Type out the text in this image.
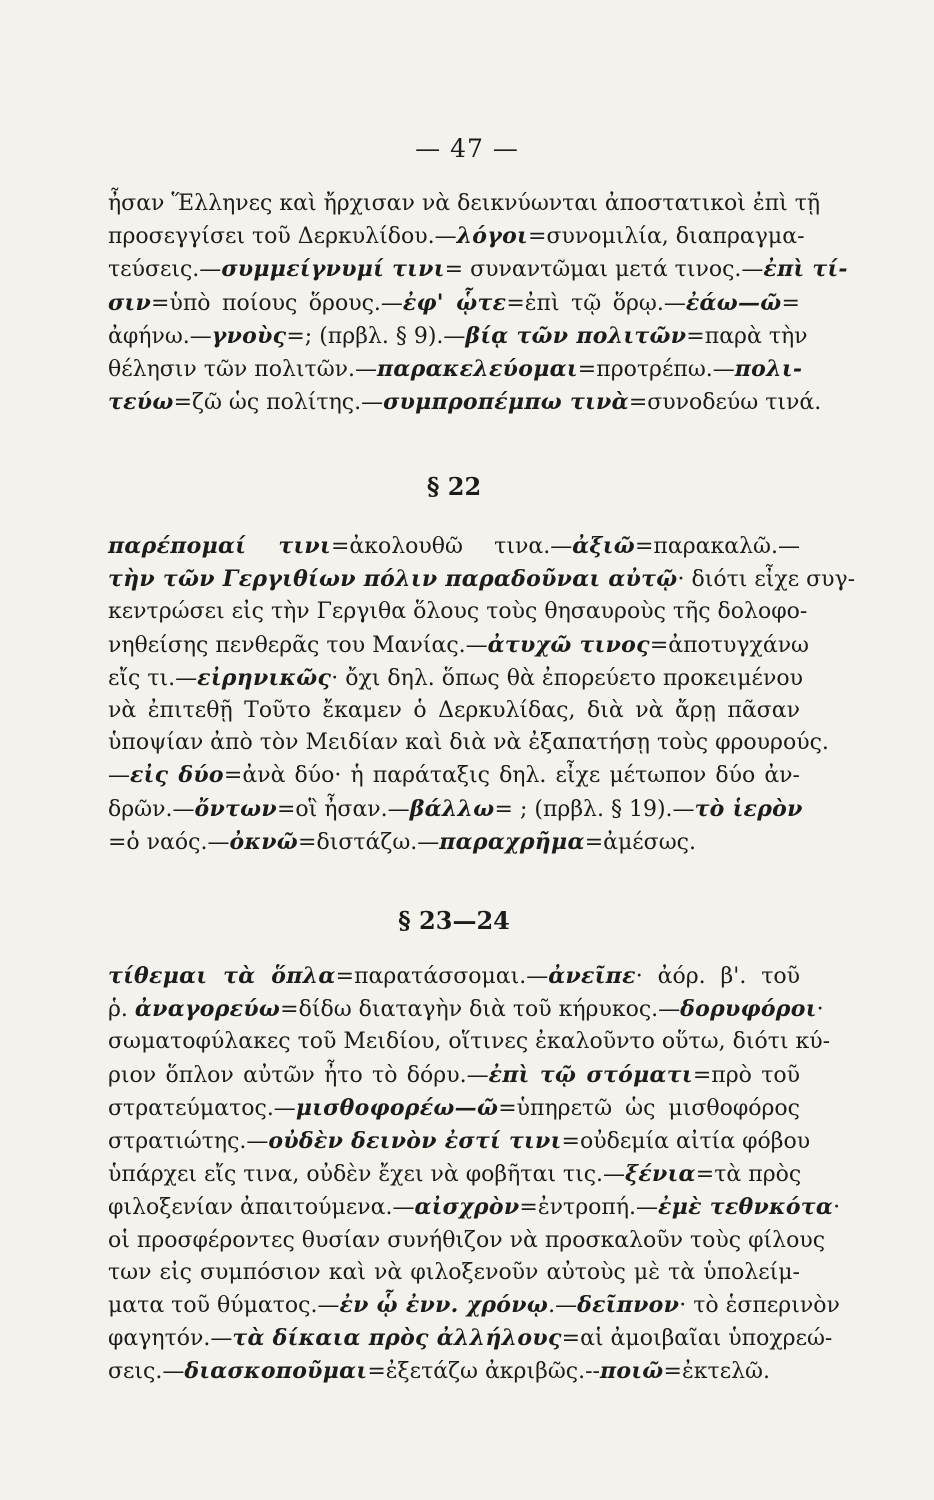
— 47 —
ἦσαν Ἕλληνες καὶ ἤρχισαν νὰ δεικνύωνται ἀποστατικοὶ ἐπὶ τῇ
προσεγγίσει τοῦ Δερκυλίδου.—λόγοι=συνομιλία, διαπραγμα-
τεύσεις.—συμμείγνυμί τινι= συναντῶμαι μετά τινος.—ἐπὶ τί-
σιν=ὑπὸ ποίους ὅρους.—ἐφ' ᾧτε=ἐπὶ τῷ ὅρῳ.—ἐάω—ῶ=
ἀφήνω.—γνοὺς=; (πρβλ. § 9).—βίᾳ τῶν πολιτῶν=παρὰ τὴν
θέλησιν τῶν πολιτῶν.—παρακελεύομαι=προτρέπω.—πολι-
τεύω=ζῶ ὡς πολίτης.—συμπροπέμπω τινὰ=συνοδεύω τινά.
§ 22
παρέπομαί τινι=ἀκολουθῶ τινα.—ἀξιῶ=παρακαλῶ.—
τὴν τῶν Γεργιθίων πόλιν παραδοῦναι αὐτῷ· διότι εἶχε συγ-
κεντρώσει εἰς τὴν Γεργιθα ὅλους τοὺς θησαυροὺς τῆς δολοφο-
νηθείσης πενθερᾶς του Μανίας.—ἀτυχῶ τινος=ἀποτυγχάνω
εἴς τι.—εἰρηνικῶς· ὄχι δηλ. ὅπως θὰ ἐπορεύετο προκειμένου
νὰ ἐπιτεθῇ Τοῦτο ἔκαμεν ὁ Δερκυλίδας, διὰ νὰ ἄρῃ πᾶσαν
ὑποψίαν ἀπὸ τὸν Μειδίαν καὶ διὰ νὰ ἐξαπατήσῃ τοὺς φρουρούς.
—εἰς δύο=ἀνὰ δύο· ἡ παράταξις δηλ. εἶχε μέτωπον δύο ἀν-
δρῶν.—ὄντων=οἳ ἦσαν.—βάλλω= ; (πρβλ. § 19).—τὸ ἱερὸν
=ὁ ναός.—ὀκνῶ=διστάζω.—παραχρῆμα=ἀμέσως.
§ 23—24
τίθεμαι τὰ ὅπλα=παρατάσσομαι.—ἀνεῖπε· ἀόρ. β'. τοῦ
ῥ. ἀναγορεύω=δίδω διαταγὴν διὰ τοῦ κήρυκος.—δορυφόροι·
σωματοφύλακες τοῦ Μειδίου, οἵτινες ἐκαλοῦντο οὕτω, διότι κύ-
ριον ὅπλον αὐτῶν ἦτο τὸ δόρυ.—ἐπὶ τῷ στόματι=πρὸ τοῦ
στρατεύματος.—μισθοφορέω—ῶ=ὑπηρετῶ ὡς μισθοφόρος
στρατιώτης.—οὐδὲν δεινὸν ἐστί τινι=οὐδεμία αἰτία φόβου
ὑπάρχει εἴς τινα, οὐδὲν ἔχει νὰ φοβῆται τις.—ξένια=τὰ πρὸς
φιλοξενίαν ἀπαιτούμενα.—αἰσχρὸν=ἐντροπή.—ἐμὲ τεθνκότα·
οἱ προσφέροντες θυσίαν συνήθιζον νὰ προσκαλοῦν τοὺς φίλους
των εἰς συμπόσιον καὶ νὰ φιλοξενοῦν αὐτοὺς μὲ τὰ ὑπολείμ-
ματα τοῦ θύματος.—ἐν ᾧ ἐνν. χρόνῳ.—δεῖπνον· τὸ ἑσπερινὸν
φαγητόν.—τὰ δίκαια πρὸς ἀλλήλους=αἱ ἀμοιβαῖαι ὑποχρεώ-
σεις.—διασκοποῦμαι=ἐξετάζω ἀκριβῶς.--ποιῶ=ἐκτελῶ.
